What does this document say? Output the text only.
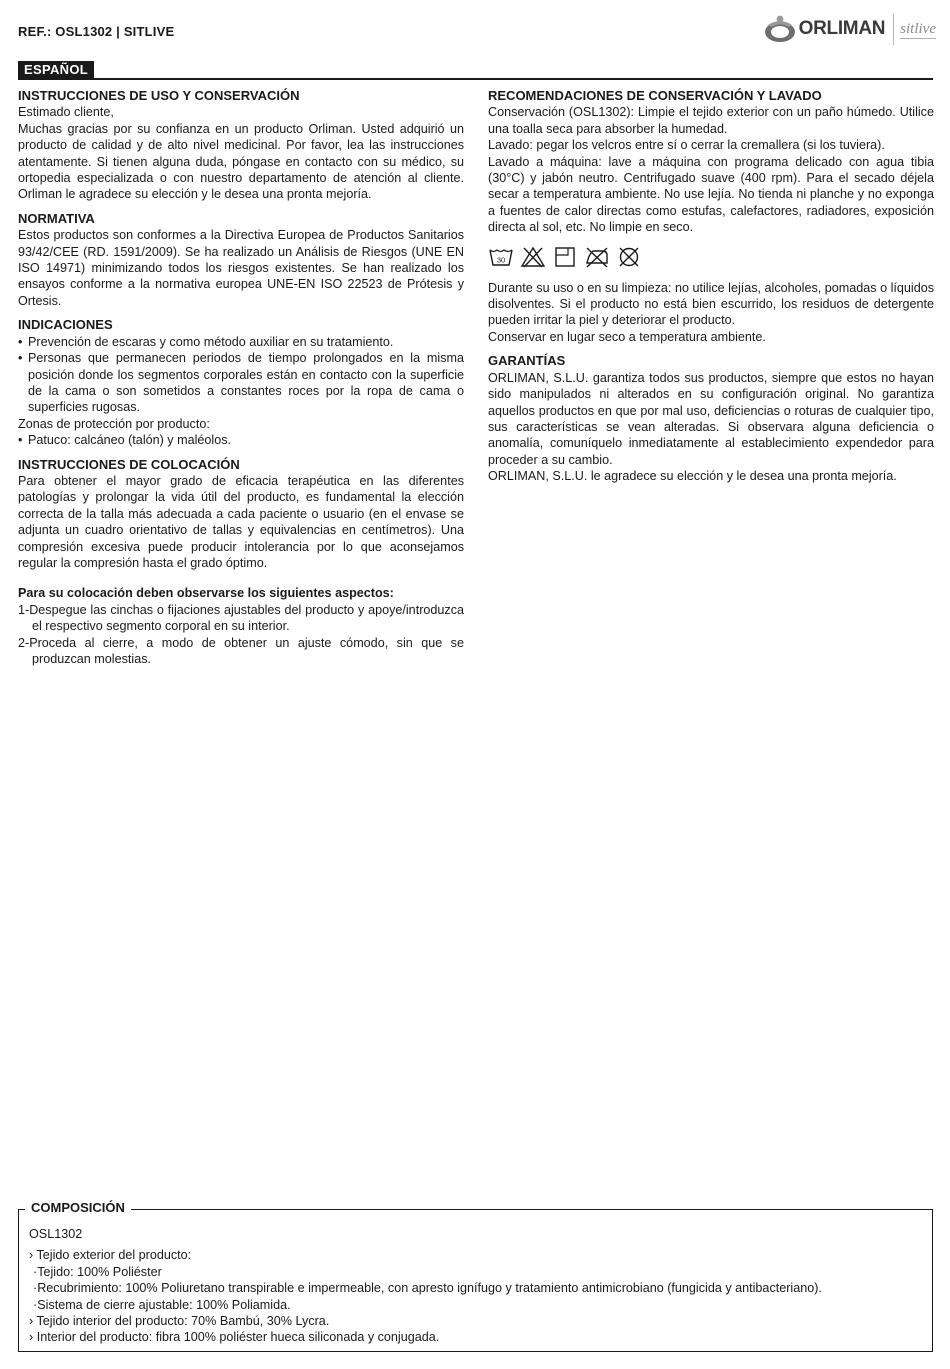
REF.: OSL1302 | SITLIVE	ORLIMAN sitlive
ESPAÑOL
INSTRUCCIONES DE USO Y CONSERVACIÓN

Estimado cliente,

Muchas gracias por su confianza en un producto Orliman. Usted adquirió un producto de calidad y de alto nivel medicinal. Por favor, lea las instrucciones atentamente. Si tienen alguna duda, póngase en contacto con su médico, su ortopedia especializada o con nuestro departamento de atención al cliente. Orliman le agradece su elección y le desea una pronta mejoría.

NORMATIVA

Estos productos son conformes a la Directiva Europea de Productos Sanitarios 93/42/CEE (RD. 1591/2009). Se ha realizado un Análisis de Riesgos (UNE EN ISO 14971) minimizando todos los riesgos existentes. Se han realizado los ensayos conforme a la normativa europea UNE-EN ISO 22523 de Prótesis y Ortesis.

INDICACIONES
• Prevención de escaras y como método auxiliar en su tratamiento.
• Personas que permanecen periodos de tiempo prolongados en la misma posición donde los segmentos corporales están en contacto con la superficie de la cama o son sometidos a constantes roces por la ropa de cama o superficies rugosas.

Zonas de protección por producto:

• Patuco: calcáneo (talón) y maléolos.
INSTRUCCIONES DE COLOCACIÓN

Para obtener el mayor grado de eficacia terapéutica en las diferentes patologías y prolongar la vida útil del producto, es fundamental la elección correcta de la talla más adecuada a cada paciente o usuario (en el envase se adjunta un cuadro orientativo de tallas y equivalencias en centímetros). Una compresión excesiva puede producir intolerancia por lo que aconsejamos regular la compresión hasta el grado óptimo.

Para su colocación deben observarse los siguientes aspectos:

1-Despegue las cinchas o fijaciones ajustables del producto y apoye/introduzca el respectivo segmento corporal en su interior.
2-Proceda al cierre, a modo de obtener un ajuste cómodo, sin que se produzcan molestias.
RECOMENDACIONES DE CONSERVACIÓN Y LAVADO

Conservación (OSL1302): Limpie el tejido exterior con un paño húmedo. Utilice una toalla seca para absorber la humedad.

Lavado: pegar los velcros entre sí o cerrar la cremallera (si los tuviera).

Lavado a máquina: lave a máquina con programa delicado con agua tibia (30°C) y jabón neutro. Centrifugado suave (400 rpm). Para el secado déjela secar a temperatura ambiente. No use lejía. No tienda ni planche y no exponga a fuentes de calor directas como estufas, calefactores, radiadores, exposición directa al sol, etc. No limpie en seco.

30

Durante su uso o en su limpieza: no utilice lejías, alcoholes, pomadas o líquidos disolventes. Si el producto no está bien escurrido, los residuos de detergente pueden irritar la piel y deteriorar el producto.

Conservar en lugar seco a temperatura ambiente.

GARANTÍAS

ORLIMAN, S.L.U. garantiza todos sus productos, siempre que estos no hayan sido manipulados ni alterados en su configuración original. No garantiza aquellos productos en que por mal uso, deficiencias o roturas de cualquier tipo, sus características se vean alteradas. Si observara alguna deficiencia o anomalía, comuníquelo inmediatamente al establecimiento expendedor para proceder a su cambio.

ORLIMAN, S.L.U. le agradece su elección y le desea una pronta mejoría.

COMPOSICIÓN

OSL1302

› Tejido exterior del producto:

·Tejido: 100% Poliéster

·Recubrimiento: 100% Poliuretano transpirable e impermeable, con apresto ignífugo y tratamiento antimicrobiano (fungicida y antibacteriano).

·Sistema de cierre ajustable: 100% Poliamida.

› Tejido interior del producto: 70% Bambú, 30% Lycra.

› Interior del producto: fibra 100% poliéster hueca siliconada y conjugada.
